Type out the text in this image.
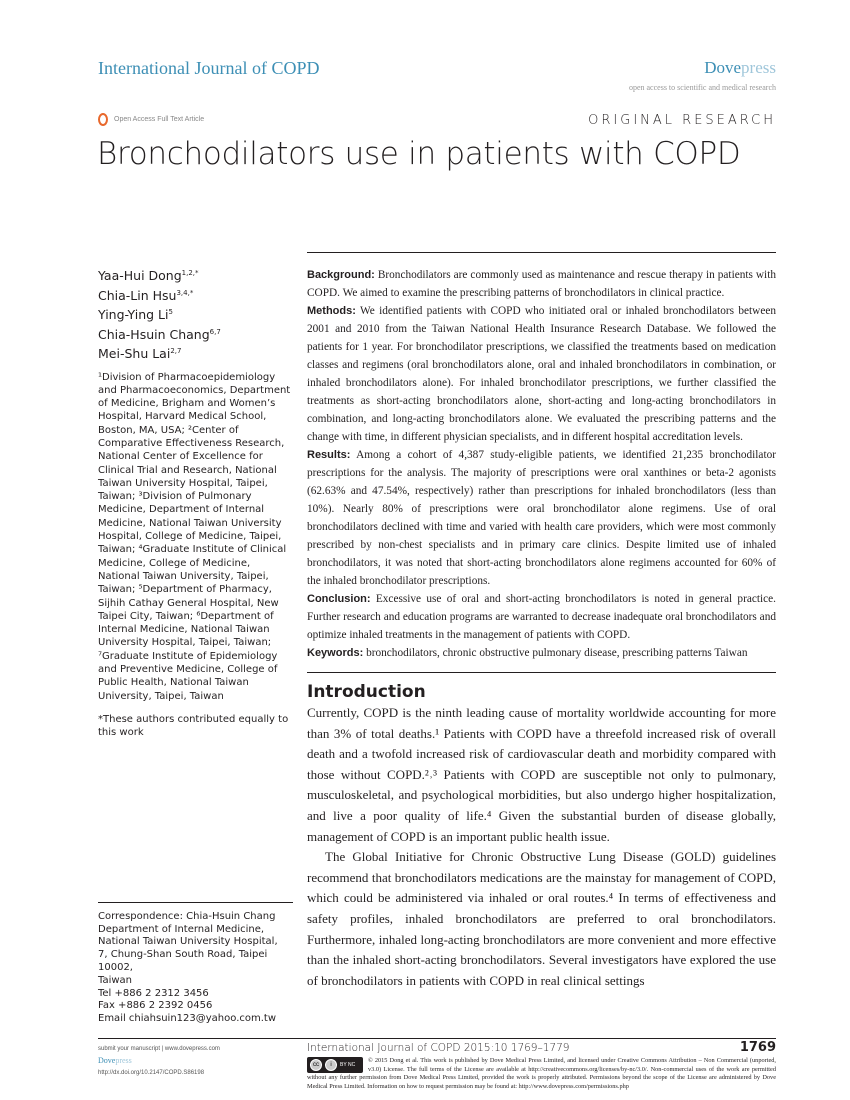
International Journal of COPD	Dovepress
open access to scientific and medical research
Open Access Full Text Article	ORIGINAL RESEARCH
Bronchodilators use in patients with COPD
Yaa-Hui Dong$^{1,2,*}$
Chia-Lin Hsu$^{3,4,*}$
Ying-Ying Li$^5$
Chia-Hsuin Chang$^{6,7}$
Mei-Shu Lai$^{2,7}$
¹Division of Pharmacoepidemiology and Pharmacoeconomics, Department of Medicine, Brigham and Women’s Hospital, Harvard Medical School, Boston, MA, USA; ²Center of Comparative Effectiveness Research, National Center of Excellence for Clinical Trial and Research, National Taiwan University Hospital, Taipei, Taiwan; ³Division of Pulmonary Medicine, Department of Internal Medicine, National Taiwan University Hospital, College of Medicine, Taipei, Taiwan; ⁴Graduate Institute of Clinical Medicine, College of Medicine, National Taiwan University, Taipei, Taiwan; ⁵Department of Pharmacy, Sijhih Cathay General Hospital, New Taipei City, Taiwan; ⁶Department of Internal Medicine, National Taiwan University Hospital, Taipei, Taiwan; ⁷Graduate Institute of Epidemiology and Preventive Medicine, College of Public Health, National Taiwan University, Taipei, Taiwan
*These authors contributed equally to this work
Correspondence: Chia-Hsuin Chang
Department of Internal Medicine,
National Taiwan University Hospital,
7, Chung-Shan South Road, Taipei 10002,
Taiwan
Tel +886 2 2312 3456
Fax +886 2 2392 0456
Email chiahsuin123@yahoo.com.tw

Background: Bronchodilators are commonly used as maintenance and rescue therapy in patients with COPD. We aimed to examine the prescribing patterns of bronchodilators in clinical practice.

Methods: We identified patients with COPD who initiated oral or inhaled bronchodilators between 2001 and 2010 from the Taiwan National Health Insurance Research Database. We followed the patients for 1 year. For bronchodilator prescriptions, we classified the treatments based on medication classes and regimens (oral bronchodilators alone, oral and inhaled bronchodilators in combination, or inhaled bronchodilators alone). For inhaled bronchodilator prescriptions, we further classified the treatments as short-acting bronchodilators alone, short-acting and long-acting bronchodilators in combination, and long-acting bronchodilators alone. We evaluated the prescribing patterns and the change with time, in different physician specialists, and in different hospital accreditation levels.

Results: Among a cohort of 4,387 study-eligible patients, we identified 21,235 bronchodilator prescriptions for the analysis. The majority of prescriptions were oral xanthines or beta-2 agonists (62.63% and 47.54%, respectively) rather than prescriptions for inhaled bronchodilators (less than 10%). Nearly 80% of prescriptions were oral bronchodilator alone regimens. Use of oral bronchodilators declined with time and varied with health care providers, which were most commonly prescribed by non-chest specialists and in primary care clinics. Despite limited use of inhaled bronchodilators, it was noted that short-acting bronchodilators alone regimens accounted for 60% of the inhaled bronchodilator prescriptions.

Conclusion: Excessive use of oral and short-acting bronchodilators is noted in general practice. Further research and education programs are warranted to decrease inadequate oral bronchodilators and optimize inhaled treatments in the management of patients with COPD.

Keywords: bronchodilators, chronic obstructive pulmonary disease, prescribing patterns Taiwan

Introduction

Currently, COPD is the ninth leading cause of mortality worldwide accounting for more than 3% of total deaths.¹ Patients with COPD have a threefold increased risk of overall death and a twofold increased risk of cardiovascular death and morbidity compared with those without COPD.²˒³ Patients with COPD are susceptible not only to pulmonary, musculoskeletal, and psychological morbidities, but also undergo higher hospitalization, and live a poor quality of life.⁴ Given the substantial burden of disease globally, management of COPD is an important public health issue.

The Global Initiative for Chronic Obstructive Lung Disease (GOLD) guidelines recommend that bronchodilators medications are the mainstay for management of COPD, which could be administered via inhaled or oral routes.⁴ In terms of effectiveness and safety profiles, inhaled bronchodilators are preferred to oral bronchodilators. Furthermore, inhaled long-acting bronchodilators are more convenient and more effective than the inhaled short-acting bronchodilators. Several investigators have explored the use of bronchodilators in patients with COPD in real clinical settings

submit your manuscript | www.dovepress.com
Dovepress
http://dx.doi.org/10.2147/COPD.S86198
International Journal of COPD 2015:10 1769–1779	1769
cc	i	BY NC
© 2015 Dong et al. This work is published by Dove Medical Press Limited, and licensed under Creative Commons Attribution – Non Commercial (unported, v3.0) License. The full terms of the License are available at http://creativecommons.org/licenses/by-nc/3.0/. Non-commercial uses of the work are permitted without any further permission from Dove Medical Press Limited, provided the work is properly attributed. Permissions beyond the scope of the License are administered by Dove Medical Press Limited. Information on how to request permission may be found at: http://www.dovepress.com/permissions.php
